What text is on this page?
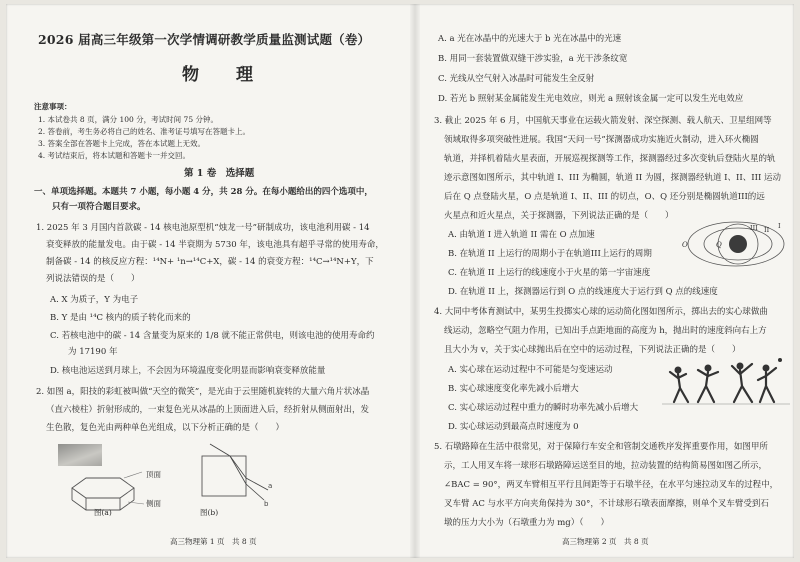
2026 届高三年级第一次学情调研教学质量监测试题（卷）
物　理
注意事项：
1. 本试卷共 8 页，满分 100 分，考试时间 75 分钟。
2. 答卷前，考生务必将自己的姓名、准考证号填写在答题卡上。
3. 答案全部在答题卡上完成，答在本试题上无效。
4. 考试结束后，将本试题和答题卡一并交回。
第 1 卷　选择题
一、单项选择题。本题共 7 小题，每小题 4 分，共 28 分。在每小题给出的四个选项中，
只有一项符合题目要求。
1. 2025 年 3 月国内首款碳 - 14 核电池原型机“烛龙一号”研制成功，该电池利用碳 - 14
衰变释放的能量发电。由于碳 - 14 半衰期为 5730 年，该电池具有超乎寻常的使用寿命，
制备碳 - 14 的核反应方程：¹⁴N+ ¹n→¹⁴C+X，碳 - 14 的衰变方程：¹⁴C→¹⁴N+Y，下
列说法错误的是（　　）
A. X 为质子，Y 为电子
B. Y 是由 ¹⁴C 核内的质子转化而来的
C. 若核电池中的碳 - 14 含量变为原来的 1/8 就不能正常供电，则该电池的使用寿命约
为 17190 年
D. 核电池运送到月球上，不会因为环境温度变化明显而影响衰变释放能量
2. 如图 a，阳技的彩虹被叫做“天空的微笑”，是光由于云里随机旋转的大量六角片状冰晶
（直六棱柱）折射形成的，一束复色光从冰晶的上顶面进入后，经折射从侧面射出，发
生色散，复色光由两种单色光组成，以下分析正确的是（　　）
顶面
侧面
图(a)
a
b
图(b)
高三物理第 1 页　共 8 页
A. a 光在冰晶中的光速大于 b 光在冰晶中的光速
B. 用同一套装置做双缝干涉实验，a 光干涉条纹宽
C. 光线从空气射入冰晶时可能发生全反射
D. 若光 b 照射某金属能发生光电效应，则光 a 照射该金属一定可以发生光电效应
3. 截止 2025 年 6 月，中国航天事业在运载火箭发射、深空探测、载人航天、卫星组网等
领域取得多项突破性进展。我国“天问一号”探测器成功实施近火制动，进入环火椭圆
轨道，并择机着陆火星表面，开展巡视探测等工作，探测器经过多次变轨后登陆火星的轨
迹示意图如图所示，其中轨道 I、III 为椭圆，轨道 II 为圆，探测器经轨道 I、II、III 运动
后在 Q 点登陆火星，O 点是轨道 I、II、III 的切点，O、Q 还分别是椭圆轨道III的远
火星点和近火星点，关于探测器，下列说法正确的是（　　）
A. 由轨道 I 进入轨道 II 需在 O 点加速
B. 在轨道 II 上运行的周期小于在轨道III上运行的周期
C. 在轨道 II 上运行的线速度小于火星的第一宇宙速度
D. 在轨道 II 上，探测器运行到 O 点的线速度大于运行到 Q 点的线速度
O	Q
I
II
III
4. 大同中考体育测试中，某男生投掷实心球的运动简化图如图所示，掷出去的实心球做曲
线运动，忽略空气阻力作用，已知出手点距地面的高度为 h，抛出时的速度斜向右上方
且大小为 v，关于实心球抛出后在空中的运动过程，下列说法正确的是（　　）
A. 实心球在运动过程中不可能是匀变速运动
B. 实心球速度变化率先减小后增大
C. 实心球运动过程中重力的瞬时功率先减小后增大
D. 实心球运动到最高点时速度为 0
5. 石墩路障在生活中很常见，对于保障行车安全和管制交通秩序发挥重要作用，如图甲所
示，工人用叉车将一球形石墩路障运送至目的地，拉动装置的结构简易图如图乙所示，
∠BAC = 90°，两叉车臂相互平行且间距等于石墩半径，在水平匀速拉动叉车的过程中，
叉车臂 AC 与水平方向夹角保持为 30°，不计球形石墩表面摩擦，则单个叉车臂受到石
墩的压力大小为（石墩重力为 mg）（　　）
高三物理第 2 页　共 8 页
